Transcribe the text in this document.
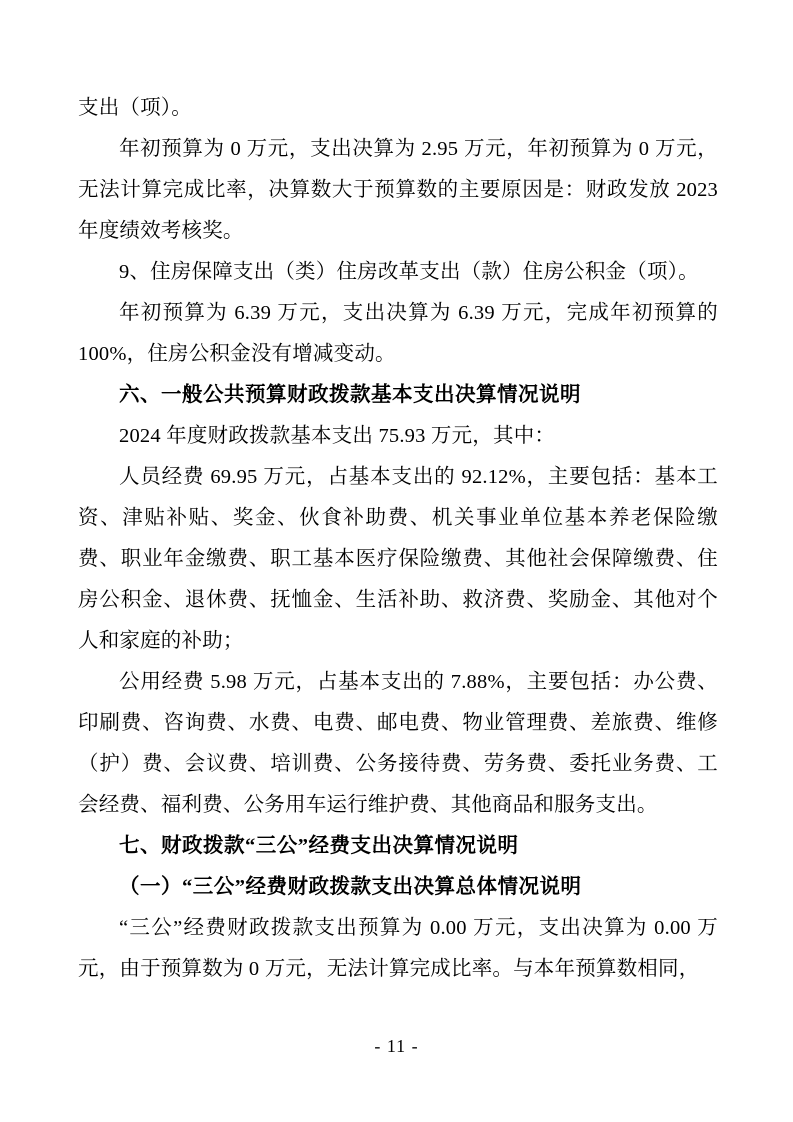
支出（项）。

年初预算为 0 万元，支出决算为 2.95 万元，年初预算为 0 万元，无法计算完成比率，决算数大于预算数的主要原因是：财政发放 2023 年度绩效考核奖。

9、住房保障支出（类）住房改革支出（款）住房公积金（项）。

年初预算为 6.39 万元，支出决算为 6.39 万元，完成年初预算的 100%，住房公积金没有增减变动。

六、一般公共预算财政拨款基本支出决算情况说明

2024 年度财政拨款基本支出 75.93 万元，其中：

人员经费 69.95 万元，占基本支出的 92.12%，主要包括：基本工资、津贴补贴、奖金、伙食补助费、机关事业单位基本养老保险缴费、职业年金缴费、职工基本医疗保险缴费、其他社会保障缴费、住房公积金、退休费、抚恤金、生活补助、救济费、奖励金、其他对个人和家庭的补助；

公用经费 5.98 万元，占基本支出的 7.88%，主要包括：办公费、印刷费、咨询费、水费、电费、邮电费、物业管理费、差旅费、维修（护）费、会议费、培训费、公务接待费、劳务费、委托业务费、工会经费、福利费、公务用车运行维护费、其他商品和服务支出。

七、财政拨款“三公”经费支出决算情况说明

（一）“三公”经费财政拨款支出决算总体情况说明

“三公”经费财政拨款支出预算为 0.00 万元，支出决算为 0.00 万元，由于预算数为 0 万元，无法计算完成比率。与本年预算数相同，

- 11 -
